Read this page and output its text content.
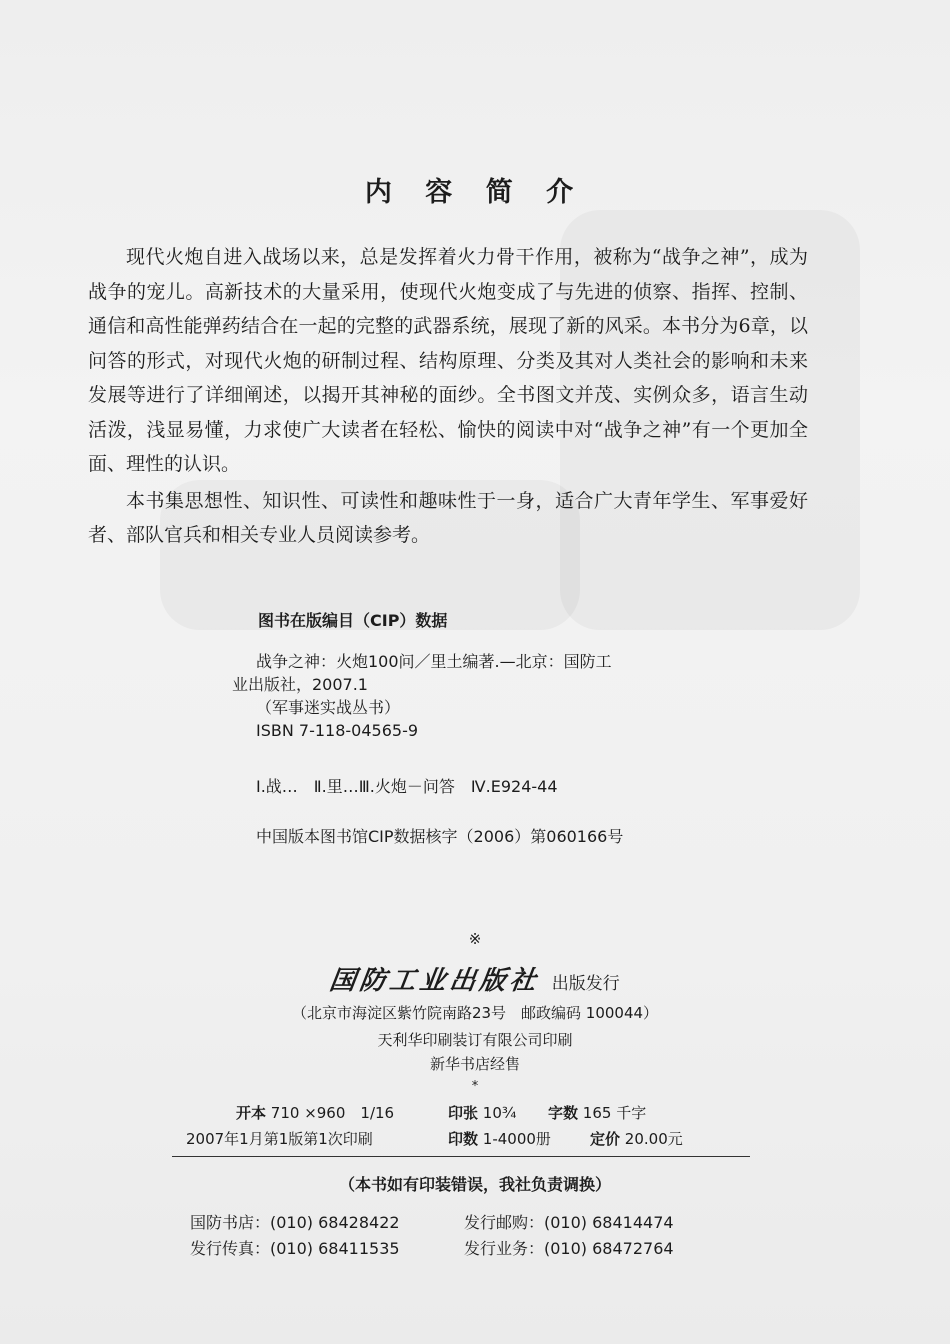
内 容 简 介

现代火炮自进入战场以来，总是发挥着火力骨干作用，被称为“战争之神”，成为战争的宠儿。高新技术的大量采用，使现代火炮变成了与先进的侦察、指挥、控制、通信和高性能弹药结合在一起的完整的武器系统，展现了新的风采。本书分为6章，以问答的形式，对现代火炮的研制过程、结构原理、分类及其对人类社会的影响和未来发展等进行了详细阐述，以揭开其神秘的面纱。全书图文并茂、实例众多，语言生动活泼，浅显易懂，力求使广大读者在轻松、愉快的阅读中对“战争之神”有一个更加全面、理性的认识。

本书集思想性、知识性、可读性和趣味性于一身，适合广大青年学生、军事爱好者、部队官兵和相关专业人员阅读参考。

图书在版编目（CIP）数据
战争之神：火炮100问／里土编著.—北京：国防工
业出版社，2007.1
（军事迷实战丛书）
ISBN 7-118-04565-9
Ⅰ.战…　Ⅱ.里…Ⅲ.火炮－问答　Ⅳ.E924-44
中国版本图书馆CIP数据核字（2006）第060166号
※
国防工业出版社 出版发行
（北京市海淀区紫竹院南路23号　邮政编码 100044）
天利华印刷装订有限公司印刷
新华书店经售
*
开本 710 ×960　1/16	印张 10¾ 字数 165 千字
2007年1月第1版第1次印刷	印数 1-4000册	定价 20.00元
（本书如有印装错误，我社负责调换）
国防书店：(010) 68428422	发行邮购：(010) 68414474
发行传真：(010) 68411535	发行业务：(010) 68472764
